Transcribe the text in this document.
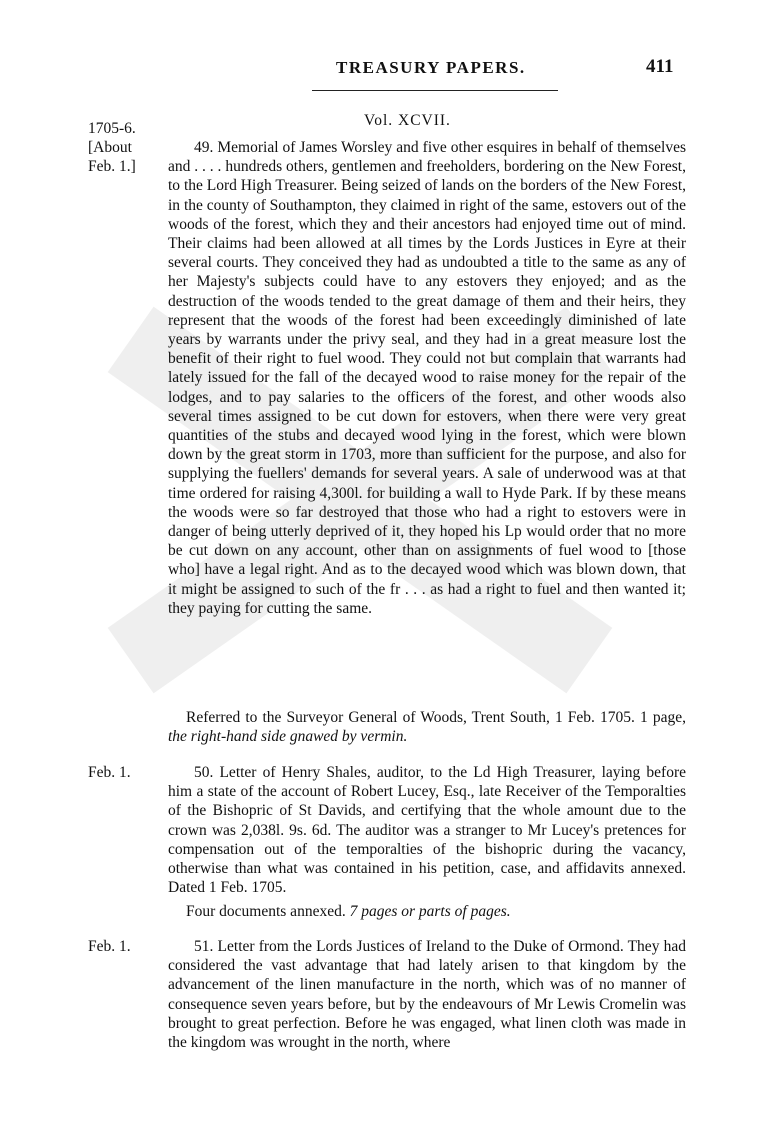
TREASURY PAPERS.	411
Vol. XCVII.
1705-6.
[About
Feb. 1.]
Feb. 1.
Feb. 1.

49. Memorial of James Worsley and five other esquires in behalf of themselves and . . . . hundreds others, gentlemen and freeholders, bordering on the New Forest, to the Lord High Treasurer. Being seized of lands on the borders of the New Forest, in the county of Southampton, they claimed in right of the same, estovers out of the woods of the forest, which they and their ancestors had enjoyed time out of mind. Their claims had been allowed at all times by the Lords Justices in Eyre at their several courts. They conceived they had as undoubted a title to the same as any of her Majesty's subjects could have to any estovers they enjoyed; and as the destruction of the woods tended to the great damage of them and their heirs, they represent that the woods of the forest had been exceedingly diminished of late years by warrants under the privy seal, and they had in a great measure lost the benefit of their right to fuel wood. They could not but complain that warrants had lately issued for the fall of the decayed wood to raise money for the repair of the lodges, and to pay salaries to the officers of the forest, and other woods also several times assigned to be cut down for estovers, when there were very great quantities of the stubs and decayed wood lying in the forest, which were blown down by the great storm in 1703, more than sufficient for the purpose, and also for supplying the fuellers' demands for several years. A sale of underwood was at that time ordered for raising 4,300l. for building a wall to Hyde Park. If by these means the woods were so far destroyed that those who had a right to estovers were in danger of being utterly deprived of it, they hoped his Lp would order that no more be cut down on any account, other than on assignments of fuel wood to [those who] have a legal right. And as to the decayed wood which was blown down, that it might be assigned to such of the fr . . . as had a right to fuel and then wanted it; they paying for cutting the same.

Referred to the Surveyor General of Woods, Trent South, 1 Feb. 1705. 1 page, the right-hand side gnawed by vermin.

50. Letter of Henry Shales, auditor, to the Ld High Treasurer, laying before him a state of the account of Robert Lucey, Esq., late Receiver of the Temporalties of the Bishopric of St Davids, and certifying that the whole amount due to the crown was 2,038l. 9s. 6d. The auditor was a stranger to Mr Lucey's pretences for compensation out of the temporalties of the bishopric during the vacancy, otherwise than what was contained in his petition, case, and affidavits annexed. Dated 1 Feb. 1705.

Four documents annexed. 7 pages or parts of pages.

51. Letter from the Lords Justices of Ireland to the Duke of Ormond. They had considered the vast advantage that had lately arisen to that kingdom by the advancement of the linen manufacture in the north, which was of no manner of consequence seven years before, but by the endeavours of Mr Lewis Cromelin was brought to great perfection. Before he was engaged, what linen cloth was made in the kingdom was wrought in the north, where
